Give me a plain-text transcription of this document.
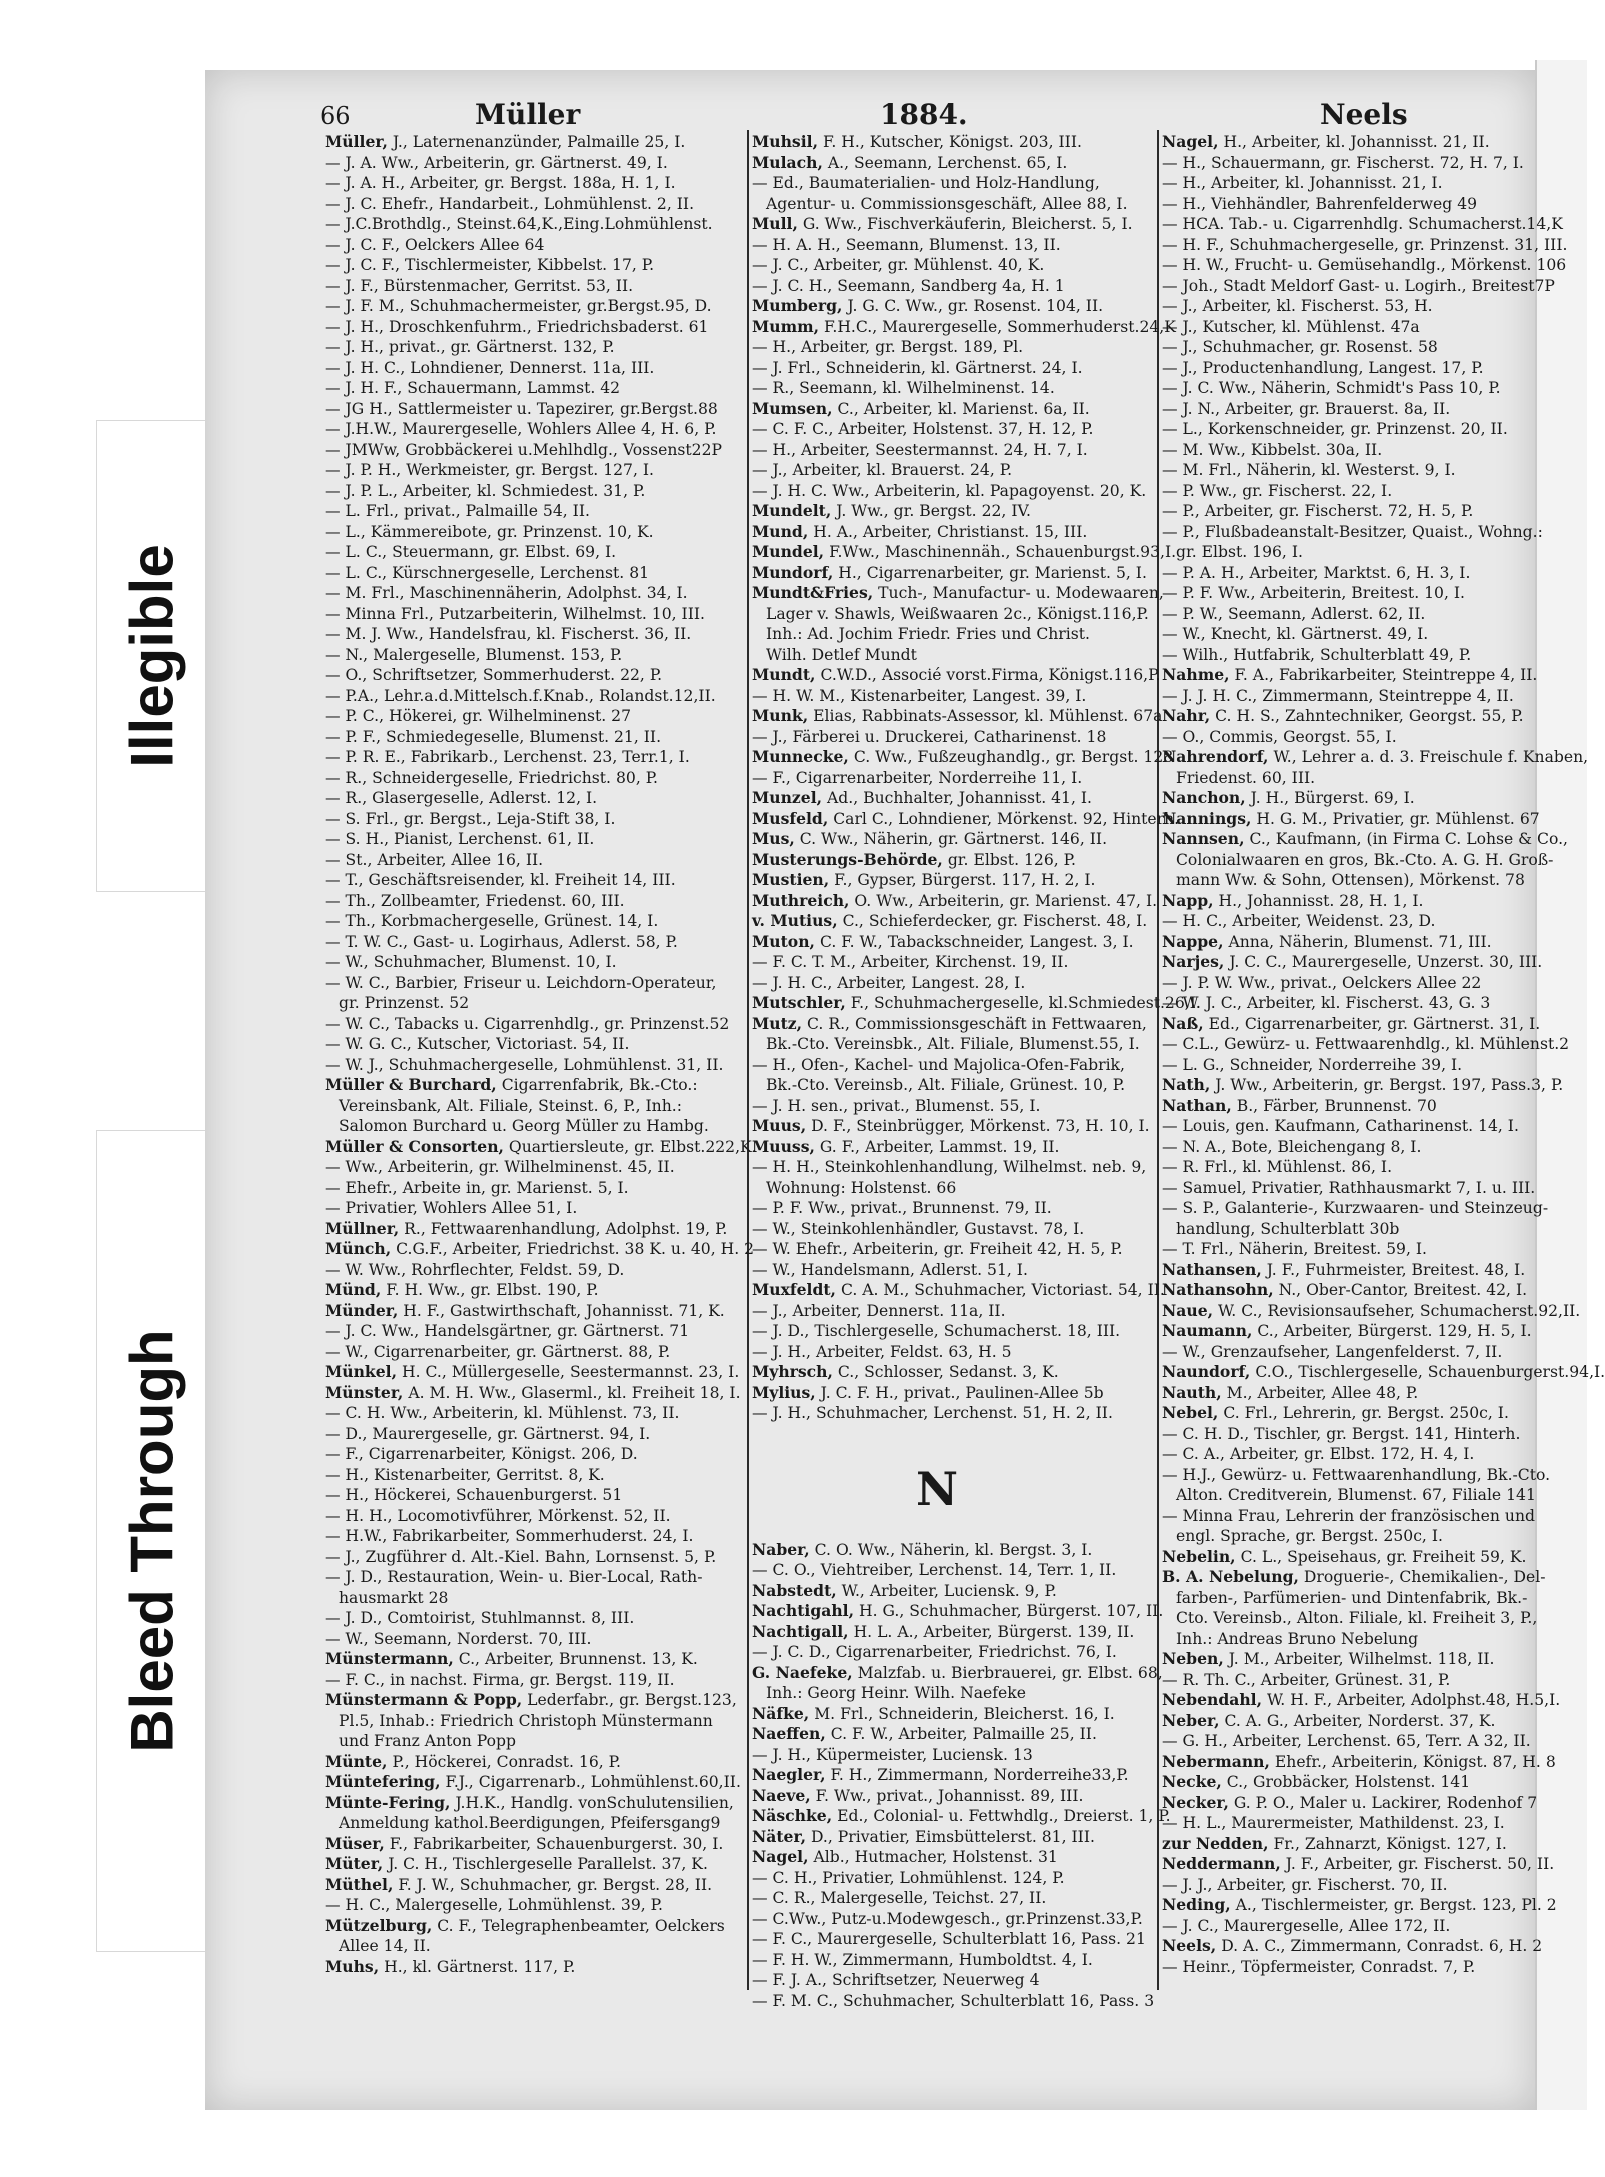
Illegible
Bleed Through
66	Müller	1884.	Neels
Müller, J., Laternenanzünder, Palmaille 25, I.
— J. A. Ww., Arbeiterin, gr. Gärtnerst. 49, I.
— J. A. H., Arbeiter, gr. Bergst. 188a, H. 1, I.
— J. C. Ehefr., Handarbeit., Lohmühlenst. 2, II.
— J.C.Brothdlg., Steinst.64,K.,Eing.Lohmühlenst.
— J. C. F., Oelckers Allee 64
— J. C. F., Tischlermeister, Kibbelst. 17, P.
— J. F., Bürstenmacher, Gerritst. 53, II.
— J. F. M., Schuhmachermeister, gr.Bergst.95, D.
— J. H., Droschkenfuhrm., Friedrichsbaderst. 61
— J. H., privat., gr. Gärtnerst. 132, P.
— J. H. C., Lohndiener, Dennerst. 11a, III.
— J. H. F., Schauermann, Lammst. 42
— JG H., Sattlermeister u. Tapezirer, gr.Bergst.88
— J.H.W., Maurergeselle, Wohlers Allee 4, H. 6, P.
— JMWw, Grobbäckerei u.Mehlhdlg., Vossenst22P
— J. P. H., Werkmeister, gr. Bergst. 127, I.
— J. P. L., Arbeiter, kl. Schmiedest. 31, P.
— L. Frl., privat., Palmaille 54, II.
— L., Kämmereibote, gr. Prinzenst. 10, K.
— L. C., Steuermann, gr. Elbst. 69, I.
— L. C., Kürschnergeselle, Lerchenst. 81
— M. Frl., Maschinennäherin, Adolphst. 34, I.
— Minna Frl., Putzarbeiterin, Wilhelmst. 10, III.
— M. J. Ww., Handelsfrau, kl. Fischerst. 36, II.
— N., Malergeselle, Blumenst. 153, P.
— O., Schriftsetzer, Sommerhuderst. 22, P.
— P.A., Lehr.a.d.Mittelsch.f.Knab., Rolandst.12,II.
— P. C., Hökerei, gr. Wilhelminenst. 27
— P. F., Schmiedegeselle, Blumenst. 21, II.
— P. R. E., Fabrikarb., Lerchenst. 23, Terr.1, I.
— R., Schneidergeselle, Friedrichst. 80, P.
— R., Glasergeselle, Adlerst. 12, I.
— S. Frl., gr. Bergst., Leja-Stift 38, I.
— S. H., Pianist, Lerchenst. 61, II.
— St., Arbeiter, Allee 16, II.
— T., Geschäftsreisender, kl. Freiheit 14, III.
— Th., Zollbeamter, Friedenst. 60, III.
— Th., Korbmachergeselle, Grünest. 14, I.
— T. W. C., Gast- u. Logirhaus, Adlerst. 58, P.
— W., Schuhmacher, Blumenst. 10, I.
— W. C., Barbier, Friseur u. Leichdorn-Operateur,
gr. Prinzenst. 52
— W. C., Tabacks u. Cigarrenhdlg., gr. Prinzenst.52
— W. G. C., Kutscher, Victoriast. 54, II.
— W. J., Schuhmachergeselle, Lohmühlenst. 31, II.
Müller & Burchard, Cigarrenfabrik, Bk.-Cto.:
Vereinsbank, Alt. Filiale, Steinst. 6, P., Inh.:
Salomon Burchard u. Georg Müller zu Hambg.
Müller & Consorten, Quartiersleute, gr. Elbst.222,K.
— Ww., Arbeiterin, gr. Wilhelminenst. 45, II.
— Ehefr., Arbeite in, gr. Marienst. 5, I.
— Privatier, Wohlers Allee 51, I.
Müllner, R., Fettwaarenhandlung, Adolphst. 19, P.
Münch, C.G.F., Arbeiter, Friedrichst. 38 K. u. 40, H. 2
— W. Ww., Rohrflechter, Feldst. 59, D.
Münd, F. H. Ww., gr. Elbst. 190, P.
Münder, H. F., Gastwirthschaft, Johannisst. 71, K.
— J. C. Ww., Handelsgärtner, gr. Gärtnerst. 71
— W., Cigarrenarbeiter, gr. Gärtnerst. 88, P.
Münkel, H. C., Müllergeselle, Seestermannst. 23, I.
Münster, A. M. H. Ww., Glaserml., kl. Freiheit 18, I.
— C. H. Ww., Arbeiterin, kl. Mühlenst. 73, II.
— D., Maurergeselle, gr. Gärtnerst. 94, I.
— F., Cigarrenarbeiter, Königst. 206, D.
— H., Kistenarbeiter, Gerritst. 8, K.
— H., Höckerei, Schauenburgerst. 51
— H. H., Locomotivführer, Mörkenst. 52, II.
— H.W., Fabrikarbeiter, Sommerhuderst. 24, I.
— J., Zugführer d. Alt.-Kiel. Bahn, Lornsenst. 5, P.
— J. D., Restauration, Wein- u. Bier-Local, Rath-
hausmarkt 28
— J. D., Comtoirist, Stuhlmannst. 8, III.
— W., Seemann, Norderst. 70, III.
Münstermann, C., Arbeiter, Brunnenst. 13, K.
— F. C., in nachst. Firma, gr. Bergst. 119, II.
Münstermann & Popp, Lederfabr., gr. Bergst.123,
Pl.5, Inhab.: Friedrich Christoph Münstermann
und Franz Anton Popp
Münte, P., Höckerei, Conradst. 16, P.
Müntefering, F.J., Cigarrenarb., Lohmühlenst.60,II.
Münte-Fering, J.H.K., Handlg. vonSchulutensilien,
Anmeldung kathol.Beerdigungen, Pfeifersgang9
Müser, F., Fabrikarbeiter, Schauenburgerst. 30, I.
Müter, J. C. H., Tischlergeselle Parallelst. 37, K.
Müthel, F. J. W., Schuhmacher, gr. Bergst. 28, II.
— H. C., Malergeselle, Lohmühlenst. 39, P.
Mützelburg, C. F., Telegraphenbeamter, Oelckers
Allee 14, II.
Muhs, H., kl. Gärtnerst. 117, P.
Muhsil, F. H., Kutscher, Königst. 203, III.
Mulach, A., Seemann, Lerchenst. 65, I.
— Ed., Baumaterialien- und Holz-Handlung,
Agentur- u. Commissionsgeschäft, Allee 88, I.
Mull, G. Ww., Fischverkäuferin, Bleicherst. 5, I.
— H. A. H., Seemann, Blumenst. 13, II.
— J. C., Arbeiter, gr. Mühlenst. 40, K.
— J. C. H., Seemann, Sandberg 4a, H. 1
Mumberg, J. G. C. Ww., gr. Rosenst. 104, II.
Mumm, F.H.C., Maurergeselle, Sommerhuderst.24,K
— H., Arbeiter, gr. Bergst. 189, Pl.
— J. Frl., Schneiderin, kl. Gärtnerst. 24, I.
— R., Seemann, kl. Wilhelminenst. 14.
Mumsen, C., Arbeiter, kl. Marienst. 6a, II.
— C. F. C., Arbeiter, Holstenst. 37, H. 12, P.
— H., Arbeiter, Seestermannst. 24, H. 7, I.
— J., Arbeiter, kl. Brauerst. 24, P.
— J. H. C. Ww., Arbeiterin, kl. Papagoyenst. 20, K.
Mundelt, J. Ww., gr. Bergst. 22, IV.
Mund, H. A., Arbeiter, Christianst. 15, III.
Mundel, F.Ww., Maschinennäh., Schauenburgst.93,I.
Mundorf, H., Cigarrenarbeiter, gr. Marienst. 5, I.
Mundt&Fries, Tuch-, Manufactur- u. Modewaaren,
Lager v. Shawls, Weißwaaren 2c., Königst.116,P.
Inh.: Ad. Jochim Friedr. Fries und Christ.
Wilh. Detlef Mundt
Mundt, C.W.D., Associé vorst.Firma, Königst.116,P.
— H. W. M., Kistenarbeiter, Langest. 39, I.
Munk, Elias, Rabbinats-Assessor, kl. Mühlenst. 67a
— J., Färberei u. Druckerei, Catharinenst. 18
Munnecke, C. Ww., Fußzeughandlg., gr. Bergst. 128
— F., Cigarrenarbeiter, Norderreihe 11, I.
Munzel, Ad., Buchhalter, Johannisst. 41, I.
Musfeld, Carl C., Lohndiener, Mörkenst. 92, Hinterh.
Mus, C. Ww., Näherin, gr. Gärtnerst. 146, II.
Musterungs-Behörde, gr. Elbst. 126, P.
Mustien, F., Gypser, Bürgerst. 117, H. 2, I.
Muthreich, O. Ww., Arbeiterin, gr. Marienst. 47, I.
v. Mutius, C., Schieferdecker, gr. Fischerst. 48, I.
Muton, C. F. W., Tabackschneider, Langest. 3, I.
— F. C. T. M., Arbeiter, Kirchenst. 19, II.
— J. H. C., Arbeiter, Langest. 28, I.
Mutschler, F., Schuhmachergeselle, kl.Schmiedest.26,I.
Mutz, C. R., Commissionsgeschäft in Fettwaaren,
Bk.-Cto. Vereinsbk., Alt. Filiale, Blumenst.55, I.
— H., Ofen-, Kachel- und Majolica-Ofen-Fabrik,
Bk.-Cto. Vereinsb., Alt. Filiale, Grünest. 10, P.
— J. H. sen., privat., Blumenst. 55, I.
Muus, D. F., Steinbrügger, Mörkenst. 73, H. 10, I.
Muuss, G. F., Arbeiter, Lammst. 19, II.
— H. H., Steinkohlenhandlung, Wilhelmst. neb. 9,
Wohnung: Holstenst. 66
— P. F. Ww., privat., Brunnenst. 79, II.
— W., Steinkohlenhändler, Gustavst. 78, I.
— W. Ehefr., Arbeiterin, gr. Freiheit 42, H. 5, P.
— W., Handelsmann, Adlerst. 51, I.
Muxfeldt, C. A. M., Schuhmacher, Victoriast. 54, II.
— J., Arbeiter, Dennerst. 11a, II.
— J. D., Tischlergeselle, Schumacherst. 18, III.
— J. H., Arbeiter, Feldst. 63, H. 5
Myhrsch, C., Schlosser, Sedanst. 3, K.
Mylius, J. C. F. H., privat., Paulinen-Allee 5b
— J. H., Schuhmacher, Lerchenst. 51, H. 2, II.
N
Naber, C. O. Ww., Näherin, kl. Bergst. 3, I.
— C. O., Viehtreiber, Lerchenst. 14, Terr. 1, II.
Nabstedt, W., Arbeiter, Luciensk. 9, P.
Nachtigahl, H. G., Schuhmacher, Bürgerst. 107, II.
Nachtigall, H. L. A., Arbeiter, Bürgerst. 139, II.
— J. C. D., Cigarrenarbeiter, Friedrichst. 76, I.
G. Naefeke, Malzfab. u. Bierbrauerei, gr. Elbst. 68,
Inh.: Georg Heinr. Wilh. Naefeke
Näfke, M. Frl., Schneiderin, Bleicherst. 16, I.
Naeffen, C. F. W., Arbeiter, Palmaille 25, II.
— J. H., Küpermeister, Luciensk. 13
Naegler, F. H., Zimmermann, Norderreihe33,P.
Naeve, F. Ww., privat., Johannisst. 89, III.
Näschke, Ed., Colonial- u. Fettwhdlg., Dreierst. 1, P.
Näter, D., Privatier, Eimsbüttelerst. 81, III.
Nagel, Alb., Hutmacher, Holstenst. 31
— C. H., Privatier, Lohmühlenst. 124, P.
— C. R., Malergeselle, Teichst. 27, II.
— C.Ww., Putz-u.Modewgesch., gr.Prinzenst.33,P.
— F. C., Maurergeselle, Schulterblatt 16, Pass. 21
— F. H. W., Zimmermann, Humboldtst. 4, I.
— F. J. A., Schriftsetzer, Neuerweg 4
— F. M. C., Schuhmacher, Schulterblatt 16, Pass. 3
Nagel, H., Arbeiter, kl. Johannisst. 21, II.
— H., Schauermann, gr. Fischerst. 72, H. 7, I.
— H., Arbeiter, kl. Johannisst. 21, I.
— H., Viehhändler, Bahrenfelderweg 49
— HCA. Tab.- u. Cigarrenhdlg. Schumacherst.14,K
— H. F., Schuhmachergeselle, gr. Prinzenst. 31, III.
— H. W., Frucht- u. Gemüsehandlg., Mörkenst. 106
— Joh., Stadt Meldorf Gast- u. Logirh., Breitest7P
— J., Arbeiter, kl. Fischerst. 53, H.
— J., Kutscher, kl. Mühlenst. 47a
— J., Schuhmacher, gr. Rosenst. 58
— J., Productenhandlung, Langest. 17, P.
— J. C. Ww., Näherin, Schmidt's Pass 10, P.
— J. N., Arbeiter, gr. Brauerst. 8a, II.
— L., Korkenschneider, gr. Prinzenst. 20, II.
— M. Ww., Kibbelst. 30a, II.
— M. Frl., Näherin, kl. Westerst. 9, I.
— P. Ww., gr. Fischerst. 22, I.
— P., Arbeiter, gr. Fischerst. 72, H. 5, P.
— P., Flußbadeanstalt-Besitzer, Quaist., Wohng.:
gr. Elbst. 196, I.
— P. A. H., Arbeiter, Marktst. 6, H. 3, I.
— P. F. Ww., Arbeiterin, Breitest. 10, I.
— P. W., Seemann, Adlerst. 62, II.
— W., Knecht, kl. Gärtnerst. 49, I.
— Wilh., Hutfabrik, Schulterblatt 49, P.
Nahme, F. A., Fabrikarbeiter, Steintreppe 4, II.
— J. J. H. C., Zimmermann, Steintreppe 4, II.
Nahr, C. H. S., Zahntechniker, Georgst. 55, P.
— O., Commis, Georgst. 55, I.
Nahrendorf, W., Lehrer a. d. 3. Freischule f. Knaben,
Friedenst. 60, III.
Nanchon, J. H., Bürgerst. 69, I.
Nannings, H. G. M., Privatier, gr. Mühlenst. 67
Nannsen, C., Kaufmann, (in Firma C. Lohse & Co.,
Colonialwaaren en gros, Bk.-Cto. A. G. H. Groß-
mann Ww. & Sohn, Ottensen), Mörkenst. 78
Napp, H., Johannisst. 28, H. 1, I.
— H. C., Arbeiter, Weidenst. 23, D.
Nappe, Anna, Näherin, Blumenst. 71, III.
Narjes, J. C. C., Maurergeselle, Unzerst. 30, III.
— J. P. W. Ww., privat., Oelckers Allee 22
— W. J. C., Arbeiter, kl. Fischerst. 43, G. 3
Naß, Ed., Cigarrenarbeiter, gr. Gärtnerst. 31, I.
— C.L., Gewürz- u. Fettwaarenhdlg., kl. Mühlenst.2
— L. G., Schneider, Norderreihe 39, I.
Nath, J. Ww., Arbeiterin, gr. Bergst. 197, Pass.3, P.
Nathan, B., Färber, Brunnenst. 70
— Louis, gen. Kaufmann, Catharinenst. 14, I.
— N. A., Bote, Bleichengang 8, I.
— R. Frl., kl. Mühlenst. 86, I.
— Samuel, Privatier, Rathhausmarkt 7, I. u. III.
— S. P., Galanterie-, Kurzwaaren- und Steinzeug-
handlung, Schulterblatt 30b
— T. Frl., Näherin, Breitest. 59, I.
Nathansen, J. F., Fuhrmeister, Breitest. 48, I.
Nathansohn, N., Ober-Cantor, Breitest. 42, I.
Naue, W. C., Revisionsaufseher, Schumacherst.92,II.
Naumann, C., Arbeiter, Bürgerst. 129, H. 5, I.
— W., Grenzaufseher, Langenfelderst. 7, II.
Naundorf, C.O., Tischlergeselle, Schauenburgerst.94,I.
Nauth, M., Arbeiter, Allee 48, P.
Nebel, C. Frl., Lehrerin, gr. Bergst. 250c, I.
— C. H. D., Tischler, gr. Bergst. 141, Hinterh.
— C. A., Arbeiter, gr. Elbst. 172, H. 4, I.
— H.J., Gewürz- u. Fettwaarenhandlung, Bk.-Cto.
Alton. Creditverein, Blumenst. 67, Filiale 141
— Minna Frau, Lehrerin der französischen und
engl. Sprache, gr. Bergst. 250c, I.
Nebelin, C. L., Speisehaus, gr. Freiheit 59, K.
B. A. Nebelung, Droguerie-, Chemikalien-, Del-
farben-, Parfümerien- und Dintenfabrik, Bk.-
Cto. Vereinsb., Alton. Filiale, kl. Freiheit 3, P.,
Inh.: Andreas Bruno Nebelung
Neben, J. M., Arbeiter, Wilhelmst. 118, II.
— R. Th. C., Arbeiter, Grünest. 31, P.
Nebendahl, W. H. F., Arbeiter, Adolphst.48, H.5,I.
Neber, C. A. G., Arbeiter, Norderst. 37, K.
— G. H., Arbeiter, Lerchenst. 65, Terr. A 32, II.
Nebermann, Ehefr., Arbeiterin, Königst. 87, H. 8
Necke, C., Grobbäcker, Holstenst. 141
Necker, G. P. O., Maler u. Lackirer, Rodenhof 7
— H. L., Maurermeister, Mathildenst. 23, I.
zur Nedden, Fr., Zahnarzt, Königst. 127, I.
Neddermann, J. F., Arbeiter, gr. Fischerst. 50, II.
— J. J., Arbeiter, gr. Fischerst. 70, II.
Neding, A., Tischlermeister, gr. Bergst. 123, Pl. 2
— J. C., Maurergeselle, Allee 172, II.
Neels, D. A. C., Zimmermann, Conradst. 6, H. 2
— Heinr., Töpfermeister, Conradst. 7, P.
